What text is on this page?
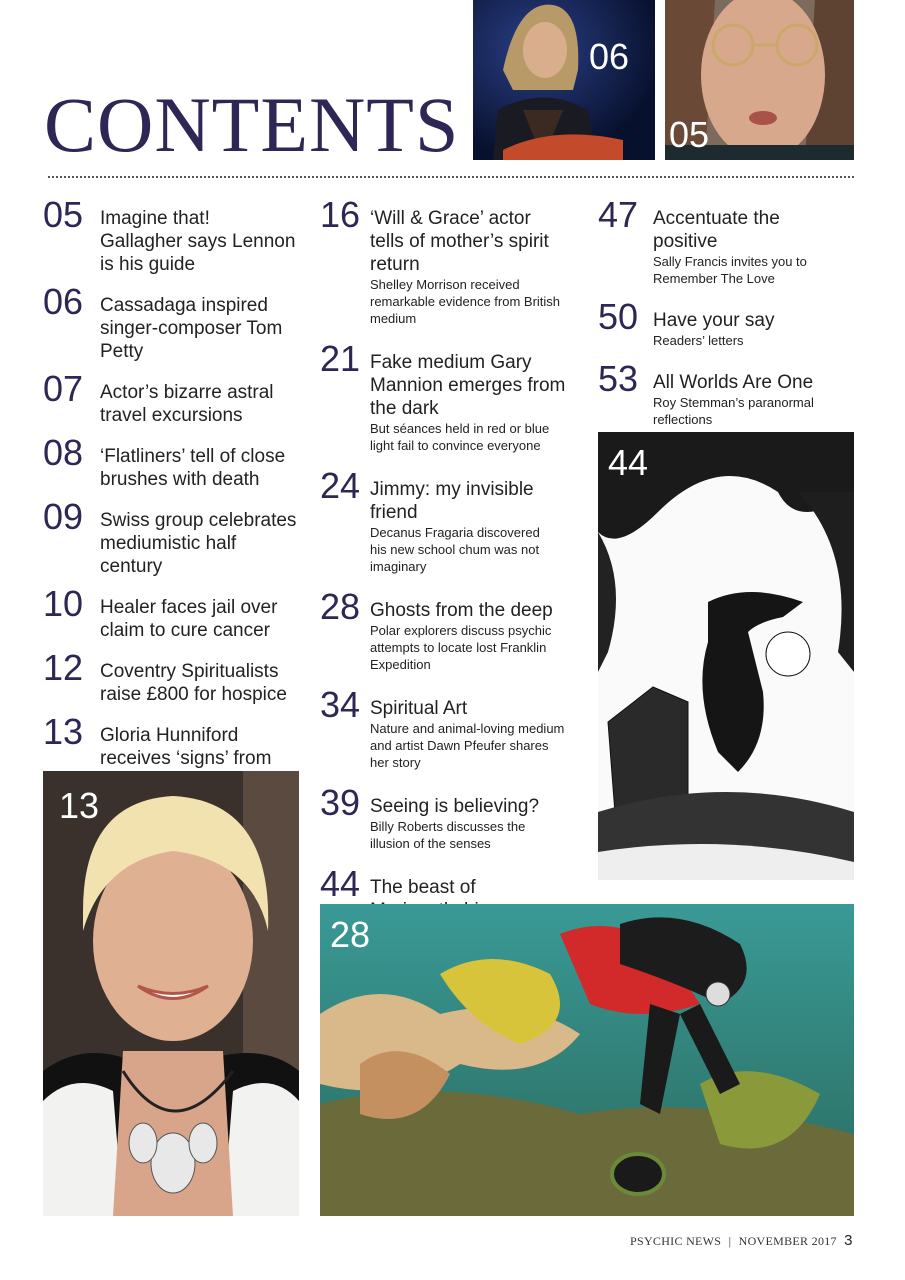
CONTENTS
06
05
05 Imagine that!
Gallagher says Lennon
is his guide
06 Cassadaga inspired
singer-composer Tom
Petty
07 Actor’s bizarre astral
travel excursions
08 ‘Flatliners’ tell of close
brushes with death
09 Swiss group celebrates
mediumistic half
century
10 Healer faces jail over
claim to cure cancer
12 Coventry Spiritualists
raise £800 for hospice
13 Gloria Hunniford
receives ‘signs’ from
16 ‘Will & Grace’ actor
tells of mother’s spirit
return
Shelley Morrison received
remarkable evidence from British
medium
21 Fake medium Gary
Mannion emerges from
the dark
But séances held in red or blue
light fail to convince everyone
24 Jimmy: my invisible
friend
Decanus Fragaria discovered
his new school chum was not
imaginary
28 Ghosts from the deep
Polar explorers discuss psychic
attempts to locate lost Franklin
Expedition
34 Spiritual Art
Nature and animal-loving medium
and artist Dawn Pfeufer shares
her story
39 Seeing is believing?
Billy Roberts discusses the
illusion of the senses
44 The beast of
47 Accentuate the
positive
Sally Francis invites you to
Remember The Love
50 Have your say
Readers’ letters
53 All Worlds Are One
Roy Stemman’s paranormal
reflections
44
13
28
PSYCHIC NEWS | NOVEMBER 2017 3
